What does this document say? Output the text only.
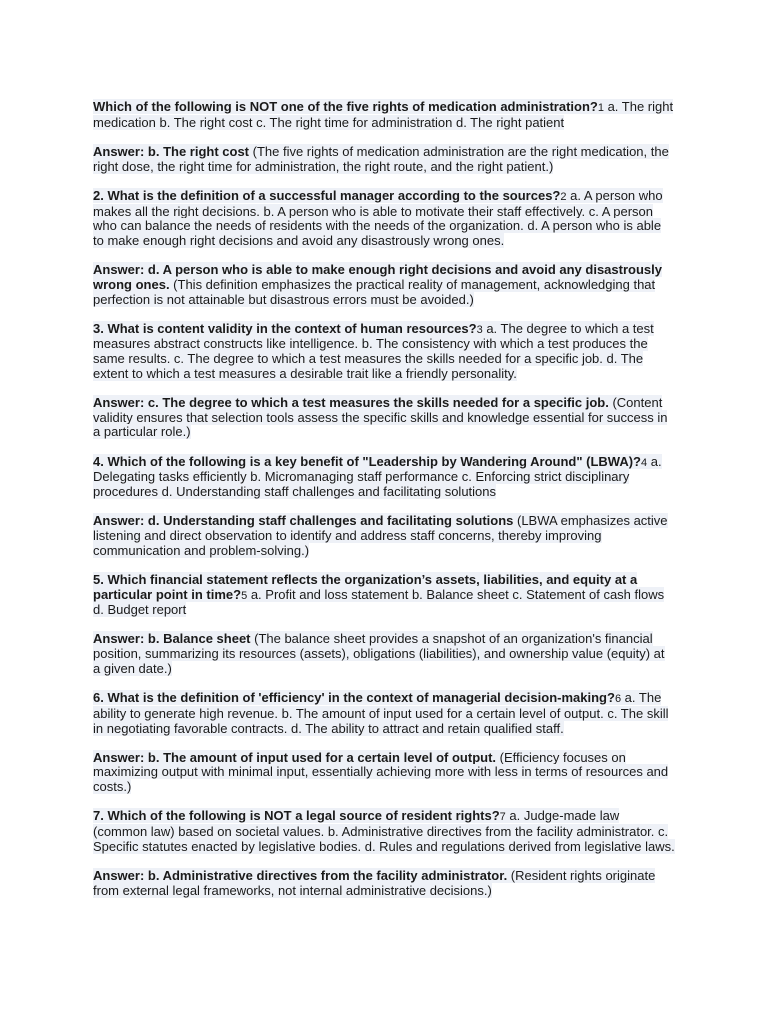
Which of the following is NOT one of the five rights of medication administration?1 a. The right medication b. The right cost c. The right time for administration d. The right patient

Answer: b. The right cost (The five rights of medication administration are the right medication, the right dose, the right time for administration, the right route, and the right patient.)

2. What is the definition of a successful manager according to the sources?2 a. A person who makes all the right decisions. b. A person who is able to motivate their staff effectively. c. A person who can balance the needs of residents with the needs of the organization. d. A person who is able to make enough right decisions and avoid any disastrously wrong ones.

Answer: d. A person who is able to make enough right decisions and avoid any disastrously wrong ones. (This definition emphasizes the practical reality of management, acknowledging that perfection is not attainable but disastrous errors must be avoided.)

3. What is content validity in the context of human resources?3 a. The degree to which a test measures abstract constructs like intelligence. b. The consistency with which a test produces the same results. c. The degree to which a test measures the skills needed for a specific job. d. The extent to which a test measures a desirable trait like a friendly personality.

Answer: c. The degree to which a test measures the skills needed for a specific job. (Content validity ensures that selection tools assess the specific skills and knowledge essential for success in a particular role.)

4. Which of the following is a key benefit of "Leadership by Wandering Around" (LBWA)?4 a. Delegating tasks efficiently b. Micromanaging staff performance c. Enforcing strict disciplinary procedures d. Understanding staff challenges and facilitating solutions

Answer: d. Understanding staff challenges and facilitating solutions (LBWA emphasizes active listening and direct observation to identify and address staff concerns, thereby improving communication and problem-solving.)

5. Which financial statement reflects the organization’s assets, liabilities, and equity at a particular point in time?5 a. Profit and loss statement b. Balance sheet c. Statement of cash flows d. Budget report

Answer: b. Balance sheet (The balance sheet provides a snapshot of an organization's financial position, summarizing its resources (assets), obligations (liabilities), and ownership value (equity) at a given date.)

6. What is the definition of 'efficiency' in the context of managerial decision-making?6 a. The ability to generate high revenue. b. The amount of input used for a certain level of output. c. The skill in negotiating favorable contracts. d. The ability to attract and retain qualified staff.

Answer: b. The amount of input used for a certain level of output. (Efficiency focuses on maximizing output with minimal input, essentially achieving more with less in terms of resources and costs.)

7. Which of the following is NOT a legal source of resident rights?7 a. Judge-made law (common law) based on societal values. b. Administrative directives from the facility administrator. c. Specific statutes enacted by legislative bodies. d. Rules and regulations derived from legislative laws.

Answer: b. Administrative directives from the facility administrator. (Resident rights originate from external legal frameworks, not internal administrative decisions.)
